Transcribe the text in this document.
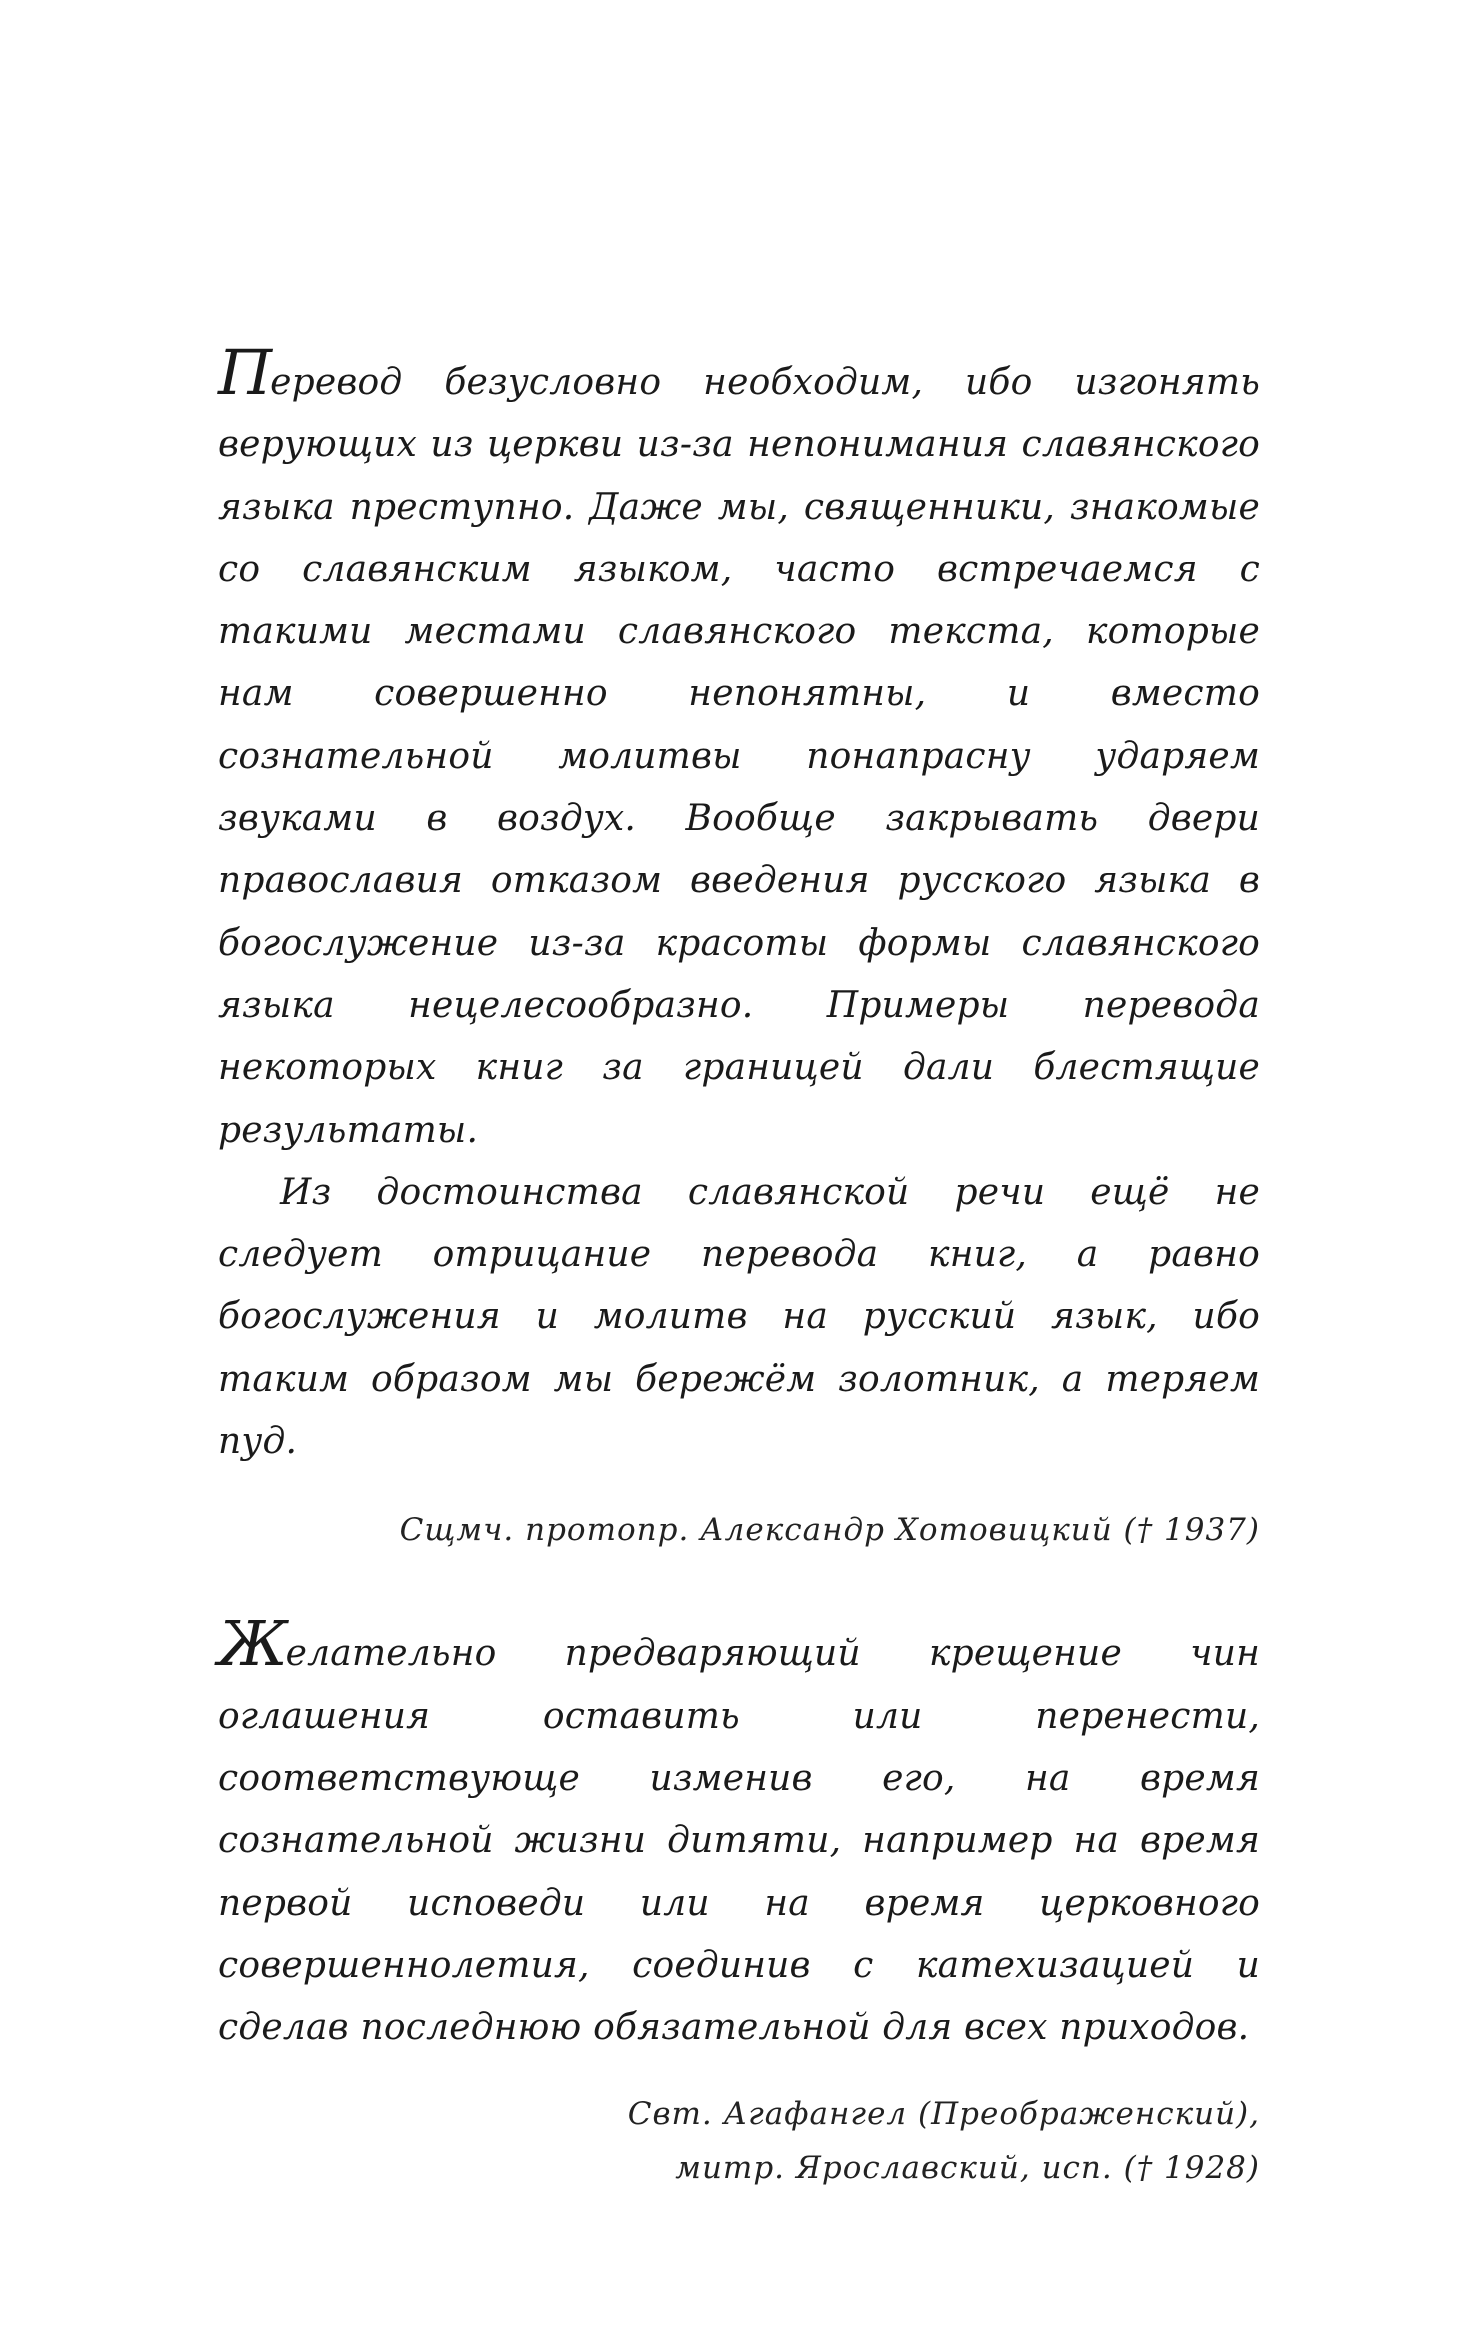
Перевод безусловно необходим, ибо изгонять верующих из церкви из-за непонимания славянского языка преступно. Даже мы, священники, знакомые со славянским языком, часто встречаемся с такими местами славянского текста, которые нам совершенно непонятны, и вместо сознательной молитвы понапрасну ударяем звуками в воздух. Вообще закрывать двери православия отказом введения русского языка в богослужение из-за красоты формы славянского языка нецелесообразно. Примеры перевода некоторых книг за границей дали блестящие результаты.

Из достоинства славянской речи ещё не следует отрицание перевода книг, а равно богослужения и молитв на русский язык, ибо таким образом мы бережём золотник, а теряем пуд.

Сщмч. протопр. Александр Хотовицкий († 1937)

Желательно предваряющий крещение чин оглашения оставить или перенести, соответствующе изменив его, на время сознательной жизни дитяти, например на время первой исповеди или на время церковного совершеннолетия, соединив с катехизацией и сделав последнюю обязательной для всех приходов.

Свт. Агафангел (Преображенский),
митр. Ярославский, исп. († 1928)
